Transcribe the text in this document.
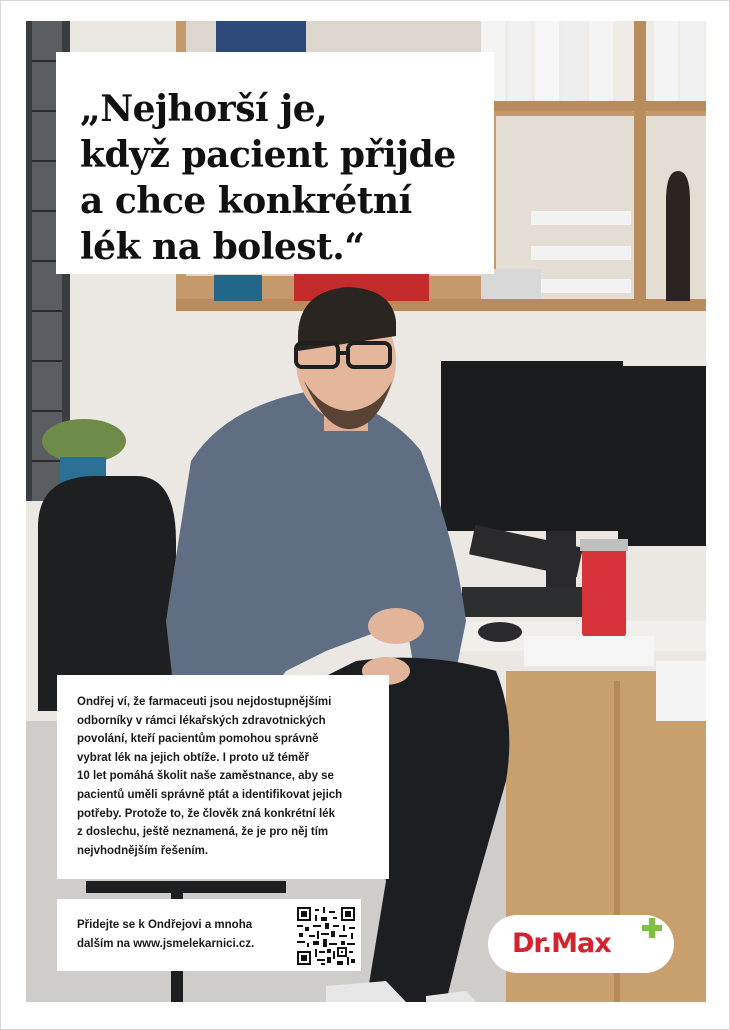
„Nejhorší je,
když pacient přijde
a chce konkrétní
lék na bolest.“

Ondřej ví, že farmaceuti jsou nejdostupnějšími
odborníky v rámci lékařských zdravotnických
povolání, kteří pacientům pomohou správně
vybrat lék na jejich obtíže. I proto už téměř
10 let pomáhá školit naše zaměstnance, aby se
pacientů uměli správně ptát a identifikovat jejich
potřeby. Protože to, že člověk zná konkrétní lék
z doslechu, ještě neznamená, že je pro něj tím
nejvhodnějším řešením.

Přidejte se k Ondřejovi a mnoha
dalším na www.jsmelekarnici.cz.	Dr.Max
